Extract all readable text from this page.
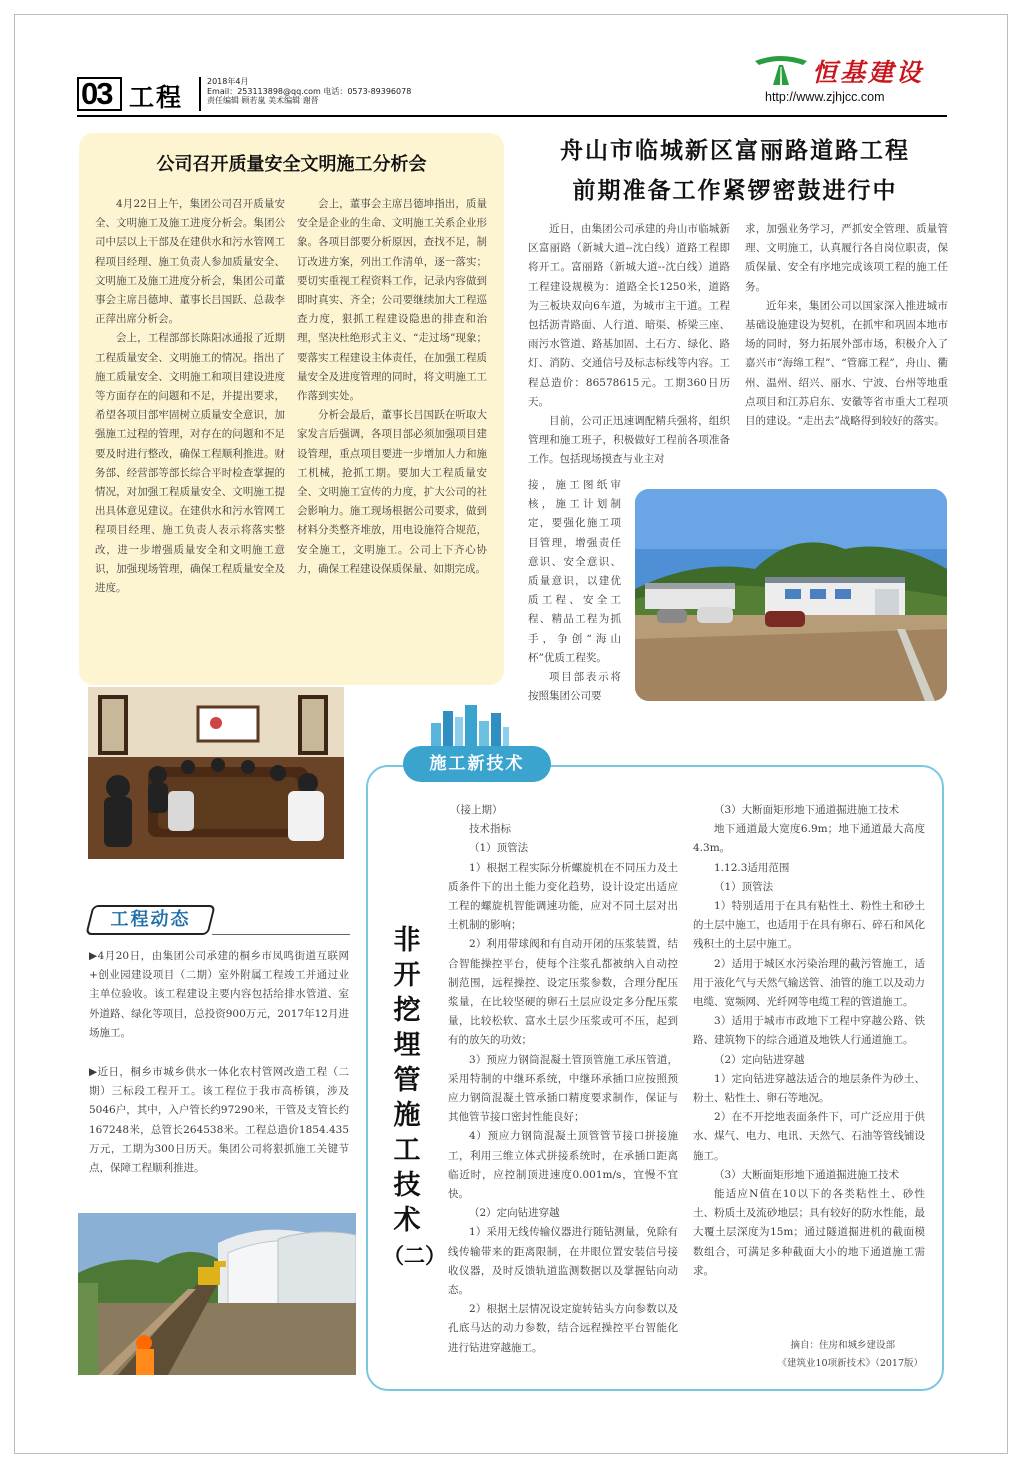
03 工程
2018年4月
Email：253113898@qq.com 电话：0573-89396078
责任编辑 顾若嵐 美术编辑 谢晋
恒基建设
http://www.zjhjcc.com
公司召开质量安全文明施工分析会

4月22日上午，集团公司召开质量安全、文明施工及施工进度分析会。集团公司中层以上干部及在建供水和污水管网工程项目经理、施工负责人参加质量安全、文明施工及施工进度分析会，集团公司董事会主席吕德坤、董事长吕国跃、总裁李正萍出席分析会。

会上，工程部部长陈阳冰通报了近期工程质量安全、文明施工的情况。指出了施工质量安全、文明施工和项目建设进度等方面存在的问题和不足，并提出要求，希望各项目部牢固树立质量安全意识，加强施工过程的管理，对存在的问题和不足要及时进行整改，确保工程顺利推进。财务部、经营部等部长综合平时检查掌握的情况，对加强工程质量安全、文明施工提出具体意见建议。在建供水和污水管网工程项目经理、施工负责人表示将落实整改，进一步增强质量安全和文明施工意识，加强现场管理，确保工程质量安全及进度。

会上，董事会主席吕德坤指出，质量安全是企业的生命、文明施工关系企业形象。各项目部要分析原因，查找不足，制订改进方案，列出工作清单，逐一落实；要切实重视工程资料工作，记录内容做到即时真实、齐全；公司要继续加大工程巡查力度，狠抓工程建设隐患的排查和治理，坚决杜绝形式主义、“走过场”现象；要落实工程建设主体责任，在加强工程质量安全及进度管理的同时，将文明施工工作落到实处。

分析会最后，董事长吕国跃在听取大家发言后强调，各项目部必须加强项目建设管理，重点项目要进一步增加人力和施工机械，抢抓工期。要加大工程质量安全、文明施工宣传的力度，扩大公司的社会影响力。施工现场根据公司要求，做到材料分类整齐堆放，用电设施符合规范，安全施工，文明施工。公司上下齐心协力，确保工程建设保质保量、如期完成。

舟山市临城新区富丽路道路工程
前期准备工作紧锣密鼓进行中

近日，由集团公司承建的舟山市临城新区富丽路（新城大道--沈白线）道路工程即将开工。富丽路（新城大道--沈白线）道路工程建设规模为：道路全长1250米，道路为三板块双向6车道，为城市主干道。工程包括沥青路面、人行道、暗渠、桥梁三座、雨污水管道、路基加固、土石方、绿化、路灯、消防、交通信号及标志标线等内容。工程总造价：86578615元。工期360日历天。

目前，公司正迅速调配精兵强将，组织管理和施工班子，积极做好工程前各项准备工作。包括现场摸查与业主对

接，施工图纸审核，施工计划制定，要强化施工项目管理，增强责任意识、安全意识、质量意识，以建优质工程、安全工程、精品工程为抓手，争创“海山杯”优质工程奖。

项目部表示将按照集团公司要

求，加强业务学习，严抓安全管理、质量管理、文明施工，认真履行各自岗位职责，保质保量、安全有序地完成该项工程的施工任务。

近年来，集团公司以国家深入推进城市基础设施建设为契机，在抓牢和巩固本地市场的同时，努力拓展外部市场，积极介入了嘉兴市“海绵工程”、“管廊工程”，舟山、衢州、温州、绍兴、丽水、宁波、台州等地重点项目和江苏启东、安徽等省市重大工程项目的建设。“走出去”战略得到较好的落实。

施工新技术
非
开
挖
埋
管
施
工
技
术
（二）

（接上期）

技术指标

（1）顶管法

1）根据工程实际分析螺旋机在不同压力及土质条件下的出土能力变化趋势，设计设定出适应工程的螺旋机智能调速功能，应对不同土层对出土机制的影响；

2）利用带球阀和有自动开闭的压浆装置，结合智能操控平台，使每个注浆孔都被纳入自动控制范围，远程操控、设定压浆参数，合理分配压浆量，在比较坚硬的卵石土层应设定多分配压浆量，比较松软、富水土层少压浆或可不压，起到有的放矢的功效；

3）预应力钢筒混凝土管顶管施工承压管道，采用特制的中继环系统，中继环承插口应按照预应力钢筒混凝土管承插口精度要求制作，保证与其他管节接口密封性能良好；

4）预应力钢筒混凝土顶管管节接口拼接施工，利用三维立体式拼接系统时，在承插口距离临近时，应控制顶进速度0.001m/s，宜慢不宜快。

（2）定向钻进穿越

1）采用无线传输仪器进行随钻测量，免除有线传输带来的距离限制，在井眼位置安装信号接收仪器，及时反馈轨道监测数据以及掌握钻向动态。

2）根据土层情况设定旋转钻头方向参数以及孔底马达的动力参数，结合远程操控平台智能化进行钻进穿越施工。

（3）大断面矩形地下通道掘进施工技术

地下通道最大宽度6.9m；地下通道最大高度4.3m。

1.12.3适用范围

（1）顶管法

1）特别适用于在具有粘性土、粉性土和砂土的土层中施工，也适用于在具有卵石、碎石和风化残积土的土层中施工。

2）适用于城区水污染治理的截污管施工，适用于液化气与天然气输送管、油管的施工以及动力电缆、宽频网、光纤网等电缆工程的管道施工。

3）适用于城市市政地下工程中穿越公路、铁路、建筑物下的综合通道及地铁人行通道施工。

（2）定向钻进穿越

1）定向钻进穿越法适合的地层条件为砂土、粉土、粘性土、卵石等地况。

2）在不开挖地表面条件下，可广泛应用于供水、煤气、电力、电讯、天然气、石油等管线铺设施工。

（3）大断面矩形地下通道掘进施工技术

能适应N值在10以下的各类粘性土、砂性土、粉质土及流砂地层；具有较好的防水性能，最大覆土层深度为15m；通过隧道掘进机的截面模数组合，可满足多种截面大小的地下通道施工需求。

摘自：住房和城乡建设部
《建筑业10项新技术》（2017版）
工程动态

▶4月20日，由集团公司承建的桐乡市凤鸣街道互联网+创业园建设项目（二期）室外附属工程竣工并通过业主单位验收。该工程建设主要内容包括给排水管道、室外道路、绿化等项目，总投资900万元，2017年12月进场施工。

▶近日，桐乡市城乡供水一体化农村管网改造工程（二期）三标段工程开工。该工程位于我市高桥镇，涉及5046户，其中，入户管长约97290米，干管及支管长约167248米，总管长264538米。工程总造价1854.435万元，工期为300日历天。集团公司将狠抓施工关键节点，保障工程顺利推进。
